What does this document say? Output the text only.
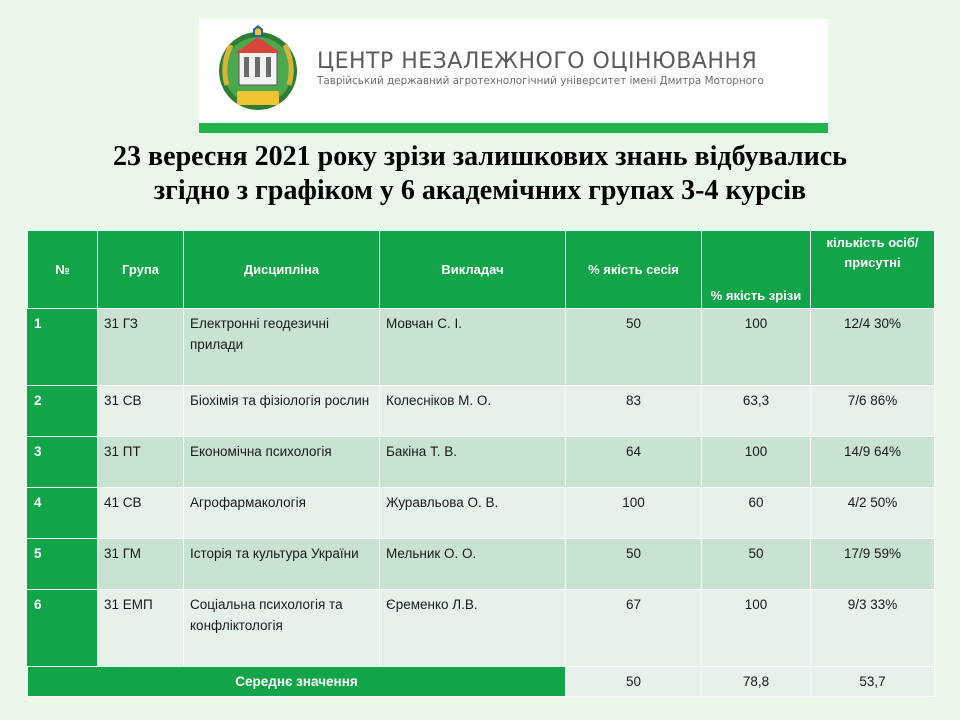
ЦЕНТР НЕЗАЛЕЖНОГО ОЦІНЮВАННЯ
Таврійський державний агротехнологічний університет імені Дмитра Моторного
23 вересня 2021 року зрізи залишкових знань відбувались
згідно з графіком у 6 академічних групах 3-4 курсів
№	Група	Дисципліна	Викладач	% якість сесія	% якість зрізи	кількість осіб/присутні
1	31 ГЗ	Електронні геодезичні прилади	Мовчан С. І.	50	100	12/4 30%
2	31 СВ	Біохімія та фізіологія рослин	Колесніков М. О.	83	63,3	7/6 86%
3	31 ПТ	Економічна психологія	Бакіна Т. В.	64	100	14/9 64%
4	41 СВ	Агрофармакологія	Журавльова О. В.	100	60	4/2 50%
5	31 ГМ	Історія та культура України	Мельник О. О.	50	50	17/9 59%
6	31 ЕМП	Соціальна психологія та конфліктологія	Єременко Л.В.	67	100	9/3 33%
Середнє значення				50	78,8	53,7
